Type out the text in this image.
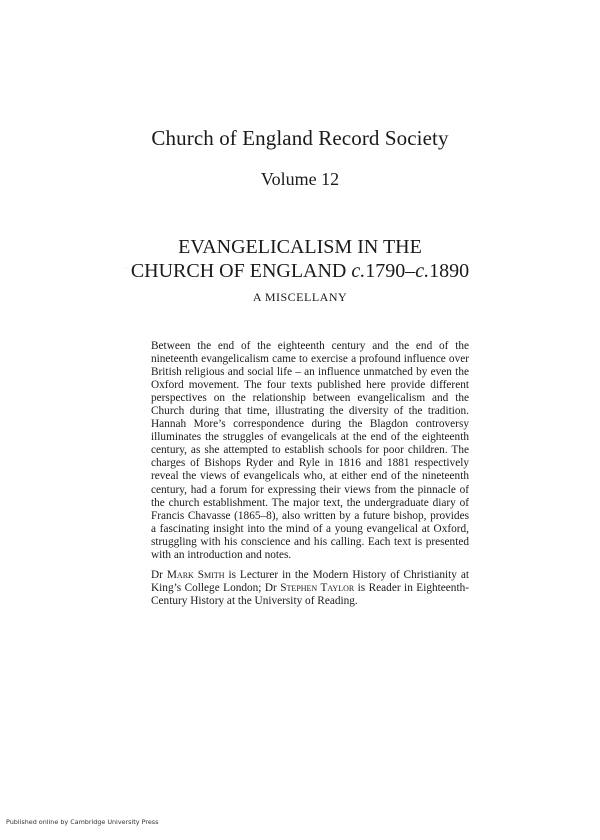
Church of England Record Society
Volume 12
·
EVANGELICALISM IN THE
CHURCH OF ENGLAND c.1790–c.1890
A MISCELLANY

Between the end of the eighteenth century and the end of the nineteenth evangelicalism came to exercise a profound influence over British religious and social life – an influence unmatched by even the Oxford movement. The four texts published here provide different perspectives on the relationship between evangelicalism and the Church during that time, illustrating the diversity of the tradition. Hannah More’s correspondence during the Blagdon controversy illuminates the struggles of evangelicals at the end of the eighteenth century, as she attempted to establish schools for poor children. The charges of Bishops Ryder and Ryle in 1816 and 1881 respectively reveal the views of evangelicals who, at either end of the nineteenth century, had a forum for expressing their views from the pinnacle of the church establishment. The major text, the undergraduate diary of Francis Chavasse (1865–8), also written by a future bishop, provides a fascinating insight into the mind of a young evangelical at Oxford, struggling with his conscience and his calling. Each text is presented with an introduction and notes.

Dr Mark Smith is Lecturer in the Modern History of Christianity at King’s College London; Dr Stephen Taylor is Reader in Eighteenth-Century History at the University of Reading.

Published online by Cambridge University Press
